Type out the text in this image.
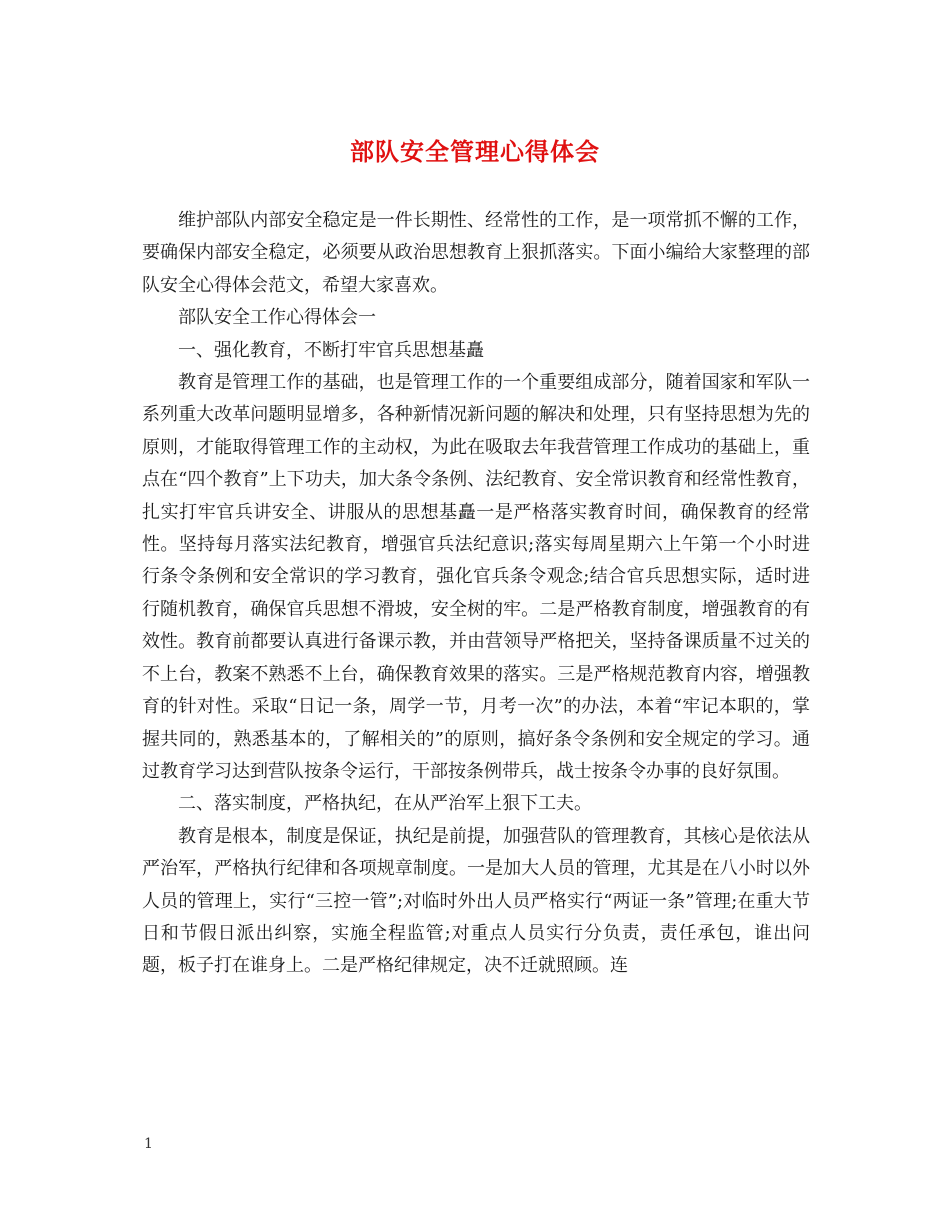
部队安全管理心得体会

维护部队内部安全稳定是一件长期性、经常性的工作，是一项常抓不懈的工作，要确保内部安全稳定，必须要从政治思想教育上狠抓落实。下面小编给大家整理的部队安全心得体会范文，希望大家喜欢。

部队安全工作心得体会一

一、强化教育，不断打牢官兵思想基矗

教育是管理工作的基础，也是管理工作的一个重要组成部分，随着国家和军队一系列重大改革问题明显增多，各种新情况新问题的解决和处理，只有坚持思想为先的原则，才能取得管理工作的主动权，为此在吸取去年我营管理工作成功的基础上，重点在“四个教育”上下功夫，加大条令条例、法纪教育、安全常识教育和经常性教育，扎实打牢官兵讲安全、讲服从的思想基矗一是严格落实教育时间，确保教育的经常性。坚持每月落实法纪教育，增强官兵法纪意识;落实每周星期六上午第一个小时进行条令条例和安全常识的学习教育，强化官兵条令观念;结合官兵思想实际，适时进行随机教育，确保官兵思想不滑坡，安全树的牢。二是严格教育制度，增强教育的有效性。教育前都要认真进行备课示教，并由营领导严格把关，坚持备课质量不过关的不上台，教案不熟悉不上台，确保教育效果的落实。三是严格规范教育内容，增强教育的针对性。采取“日记一条，周学一节，月考一次”的办法，本着“牢记本职的，掌握共同的，熟悉基本的，了解相关的”的原则，搞好条令条例和安全规定的学习。通过教育学习达到营队按条令运行，干部按条例带兵，战士按条令办事的良好氛围。

二、落实制度，严格执纪，在从严治军上狠下工夫。

教育是根本，制度是保证，执纪是前提，加强营队的管理教育，其核心是依法从严治军，严格执行纪律和各项规章制度。一是加大人员的管理，尤其是在八小时以外人员的管理上，实行“三控一管”;对临时外出人员严格实行“两证一条”管理;在重大节日和节假日派出纠察，实施全程监管;对重点人员实行分负责，责任承包，谁出问题，板子打在谁身上。二是严格纪律规定，决不迁就照顾。连

1
